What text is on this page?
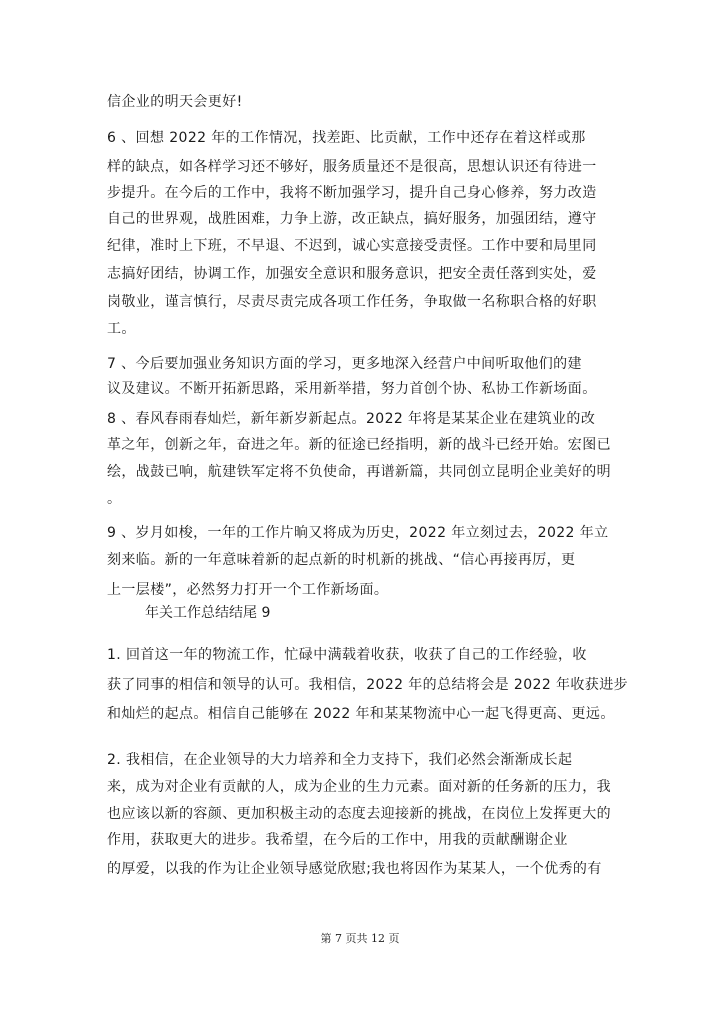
信企业的明天会更好!
6 、回想 2022 年的工作情况，找差距、比贡献，工作中还存在着这样或那
样的缺点，如各样学习还不够好，服务质量还不是很高，思想认识还有待进一
步提升。在今后的工作中，我将不断加强学习，提升自己身心修养，努力改造
自己的世界观，战胜困难，力争上游，改正缺点，搞好服务，加强团结，遵守
纪律，准时上下班，不早退、不迟到，诚心实意接受责怪。工作中要和局里同
志搞好团结，协调工作，加强安全意识和服务意识，把安全责任落到实处，爱
岗敬业，谨言慎行，尽责尽责完成各项工作任务，争取做一名称职合格的好职
工。
7 、今后要加强业务知识方面的学习，更多地深入经营户中间听取他们的建
议及建议。不断开拓新思路，采用新举措，努力首创个协、私协工作新场面。
8 、春风春雨春灿烂，新年新岁新起点。2022 年将是某某企业在建筑业的改
革之年，创新之年，奋进之年。新的征途已经指明，新的战斗已经开始。宏图已
绘，战鼓已响，航建铁军定将不负使命，再谱新篇，共同创立昆明企业美好的明
。
9 、岁月如梭，一年的工作片晌又将成为历史，2022 年立刻过去，2022 年立
刻来临。新的一年意味着新的起点新的时机新的挑战、“信心再接再厉，更
上一层楼”，必然努力打开一个工作新场面。
年关工作总结结尾 9
1. 回首这一年的物流工作，忙碌中满载着收获，收获了自己的工作经验，收
获了同事的相信和领导的认可。我相信，2022 年的总结将会是 2022 年收获进步
和灿烂的起点。相信自己能够在 2022 年和某某物流中心一起飞得更高、更远。
2. 我相信，在企业领导的大力培养和全力支持下，我们必然会渐渐成长起
来，成为对企业有贡献的人，成为企业的生力元素。面对新的任务新的压力，我
也应该以新的容颜、更加积极主动的态度去迎接新的挑战，在岗位上发挥更大的
作用，获取更大的进步。我希望，在今后的工作中，用我的贡献酬谢企业
的厚爱，以我的作为让企业领导感觉欣慰;我也将因作为某某人，一个优秀的有
第 7 页共 12 页
